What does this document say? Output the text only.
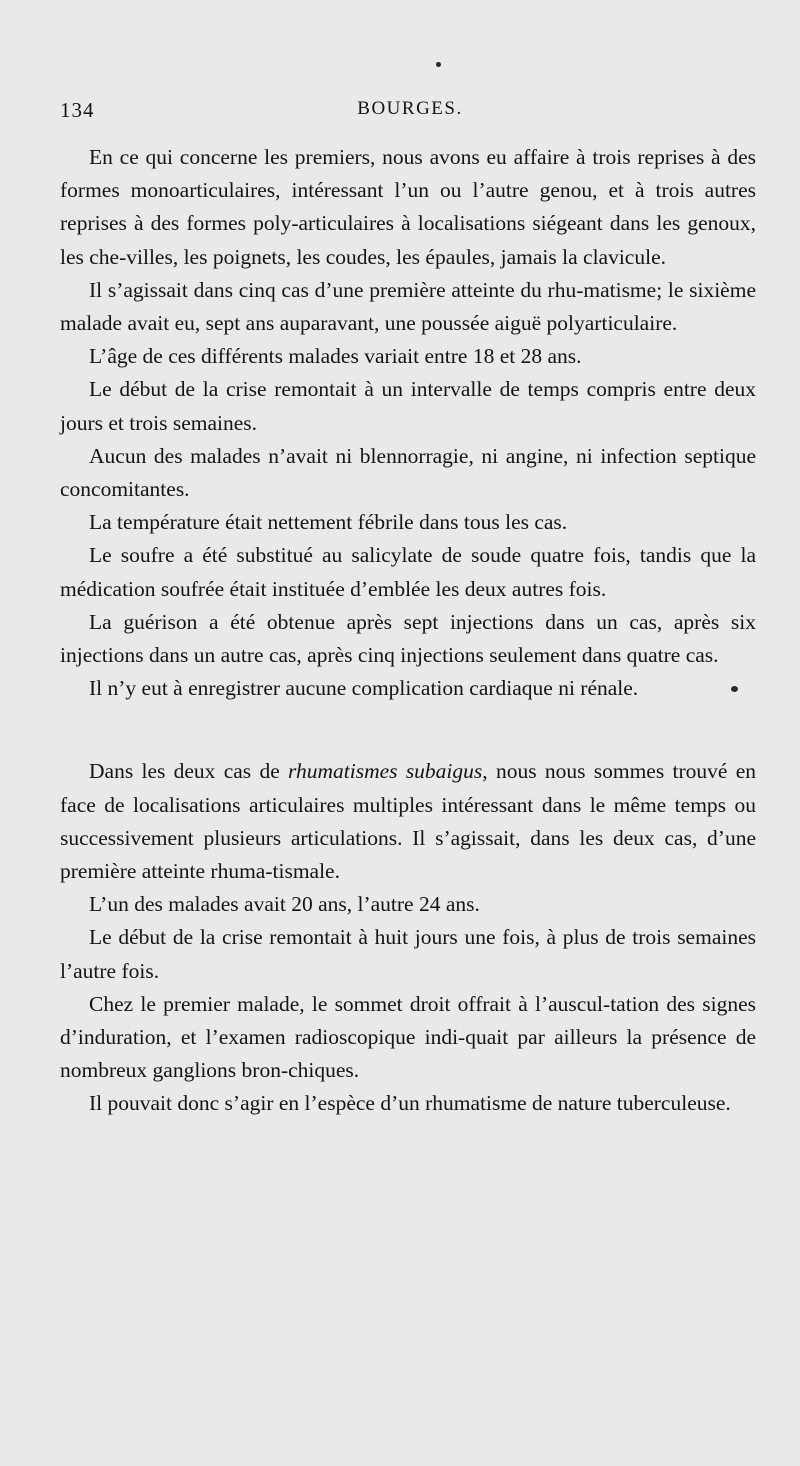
134	BOURGES.

En ce qui concerne les premiers, nous avons eu affaire à trois reprises à des formes monoarticulaires, intéressant l’un ou l’autre genou, et à trois autres reprises à des formes poly-articulaires à localisations siégeant dans les genoux, les che-villes, les poignets, les coudes, les épaules, jamais la clavicule.

Il s’agissait dans cinq cas d’une première atteinte du rhu-matisme; le sixième malade avait eu, sept ans auparavant, une poussée aiguë polyarticulaire.

L’âge de ces différents malades variait entre 18 et 28 ans.

Le début de la crise remontait à un intervalle de temps compris entre deux jours et trois semaines.

Aucun des malades n’avait ni blennorragie, ni angine, ni infection septique concomitantes.

La température était nettement fébrile dans tous les cas.

Le soufre a été substitué au salicylate de soude quatre fois, tandis que la médication soufrée était instituée d’emblée les deux autres fois.

La guérison a été obtenue après sept injections dans un cas, après six injections dans un autre cas, après cinq injections seulement dans quatre cas.

Il n’y eut à enregistrer aucune complication cardiaque ni rénale.

Dans les deux cas de rhumatismes subaigus, nous nous sommes trouvé en face de localisations articulaires multiples intéressant dans le même temps ou successivement plusieurs articulations. Il s’agissait, dans les deux cas, d’une première atteinte rhuma-tismale.

L’un des malades avait 20 ans, l’autre 24 ans.

Le début de la crise remontait à huit jours une fois, à plus de trois semaines l’autre fois.

Chez le premier malade, le sommet droit offrait à l’auscul-tation des signes d’induration, et l’examen radioscopique indi-quait par ailleurs la présence de nombreux ganglions bron-chiques.

Il pouvait donc s’agir en l’espèce d’un rhumatisme de nature tuberculeuse.
